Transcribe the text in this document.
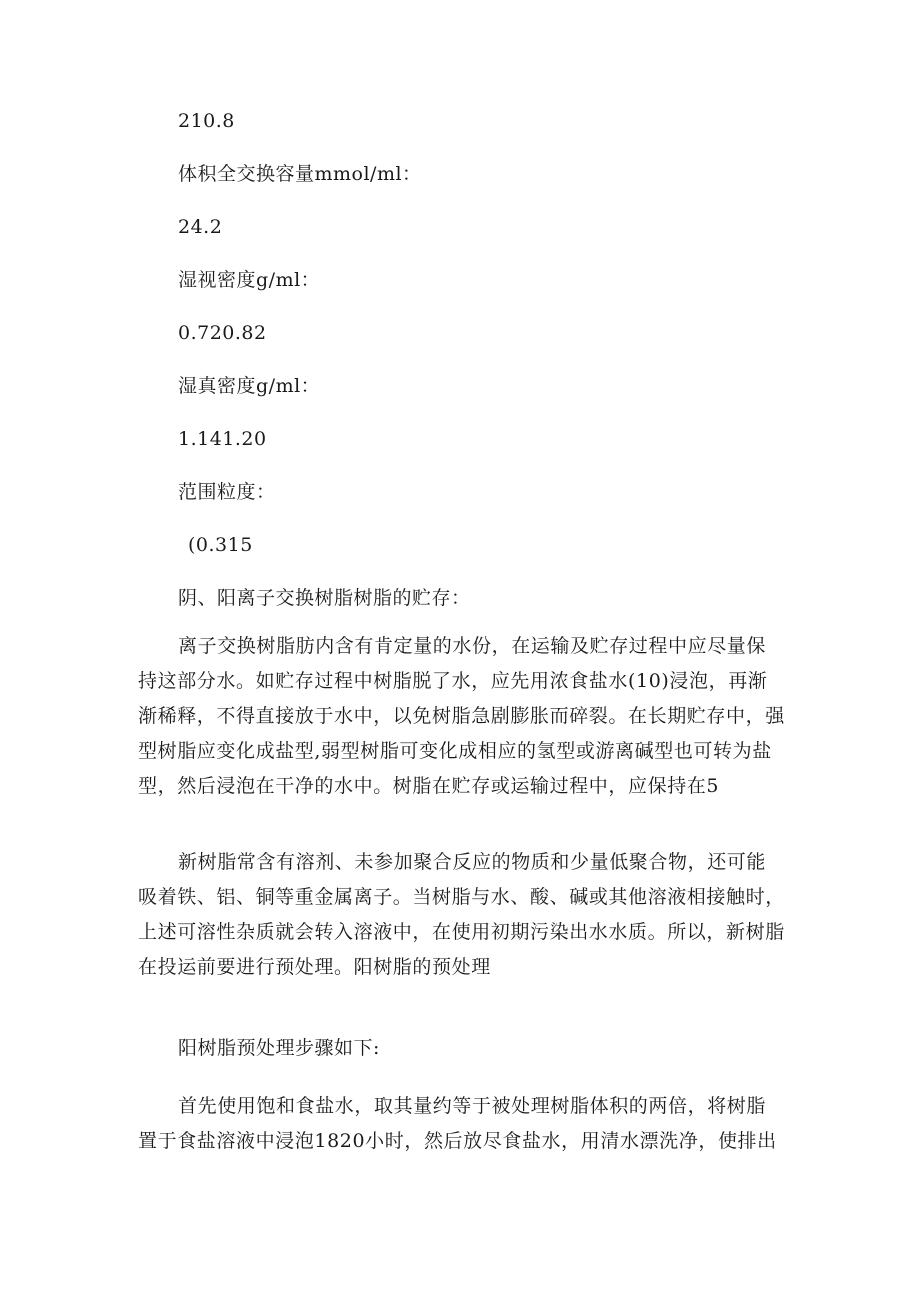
210.8
体积全交换容量mmol/ml：
24.2
湿视密度g/ml：
0.720.82
湿真密度g/ml：
1.141.20
范围粒度：
(0.315
阴、阳离子交换树脂树脂的贮存：
离子交换树脂肪内含有肯定量的水份，在运输及贮存过程中应尽量保
持这部分水。如贮存过程中树脂脱了水，应先用浓食盐水(10)浸泡，再渐
渐稀释，不得直接放于水中，以免树脂急剧膨胀而碎裂。在长期贮存中，强
型树脂应变化成盐型,弱型树脂可变化成相应的氢型或游离碱型也可转为盐
型，然后浸泡在干净的水中。树脂在贮存或运输过程中，应保持在5
新树脂常含有溶剂、未参加聚合反应的物质和少量低聚合物，还可能
吸着铁、铝、铜等重金属离子。当树脂与水、酸、碱或其他溶液相接触时，
上述可溶性杂质就会转入溶液中，在使用初期污染出水水质。所以，新树脂
在投运前要进行预处理。阳树脂的预处理
阳树脂预处理步骤如下:
首先使用饱和食盐水，取其量约等于被处理树脂体积的两倍，将树脂
置于食盐溶液中浸泡1820小时，然后放尽食盐水，用清水漂洗净，使排出
